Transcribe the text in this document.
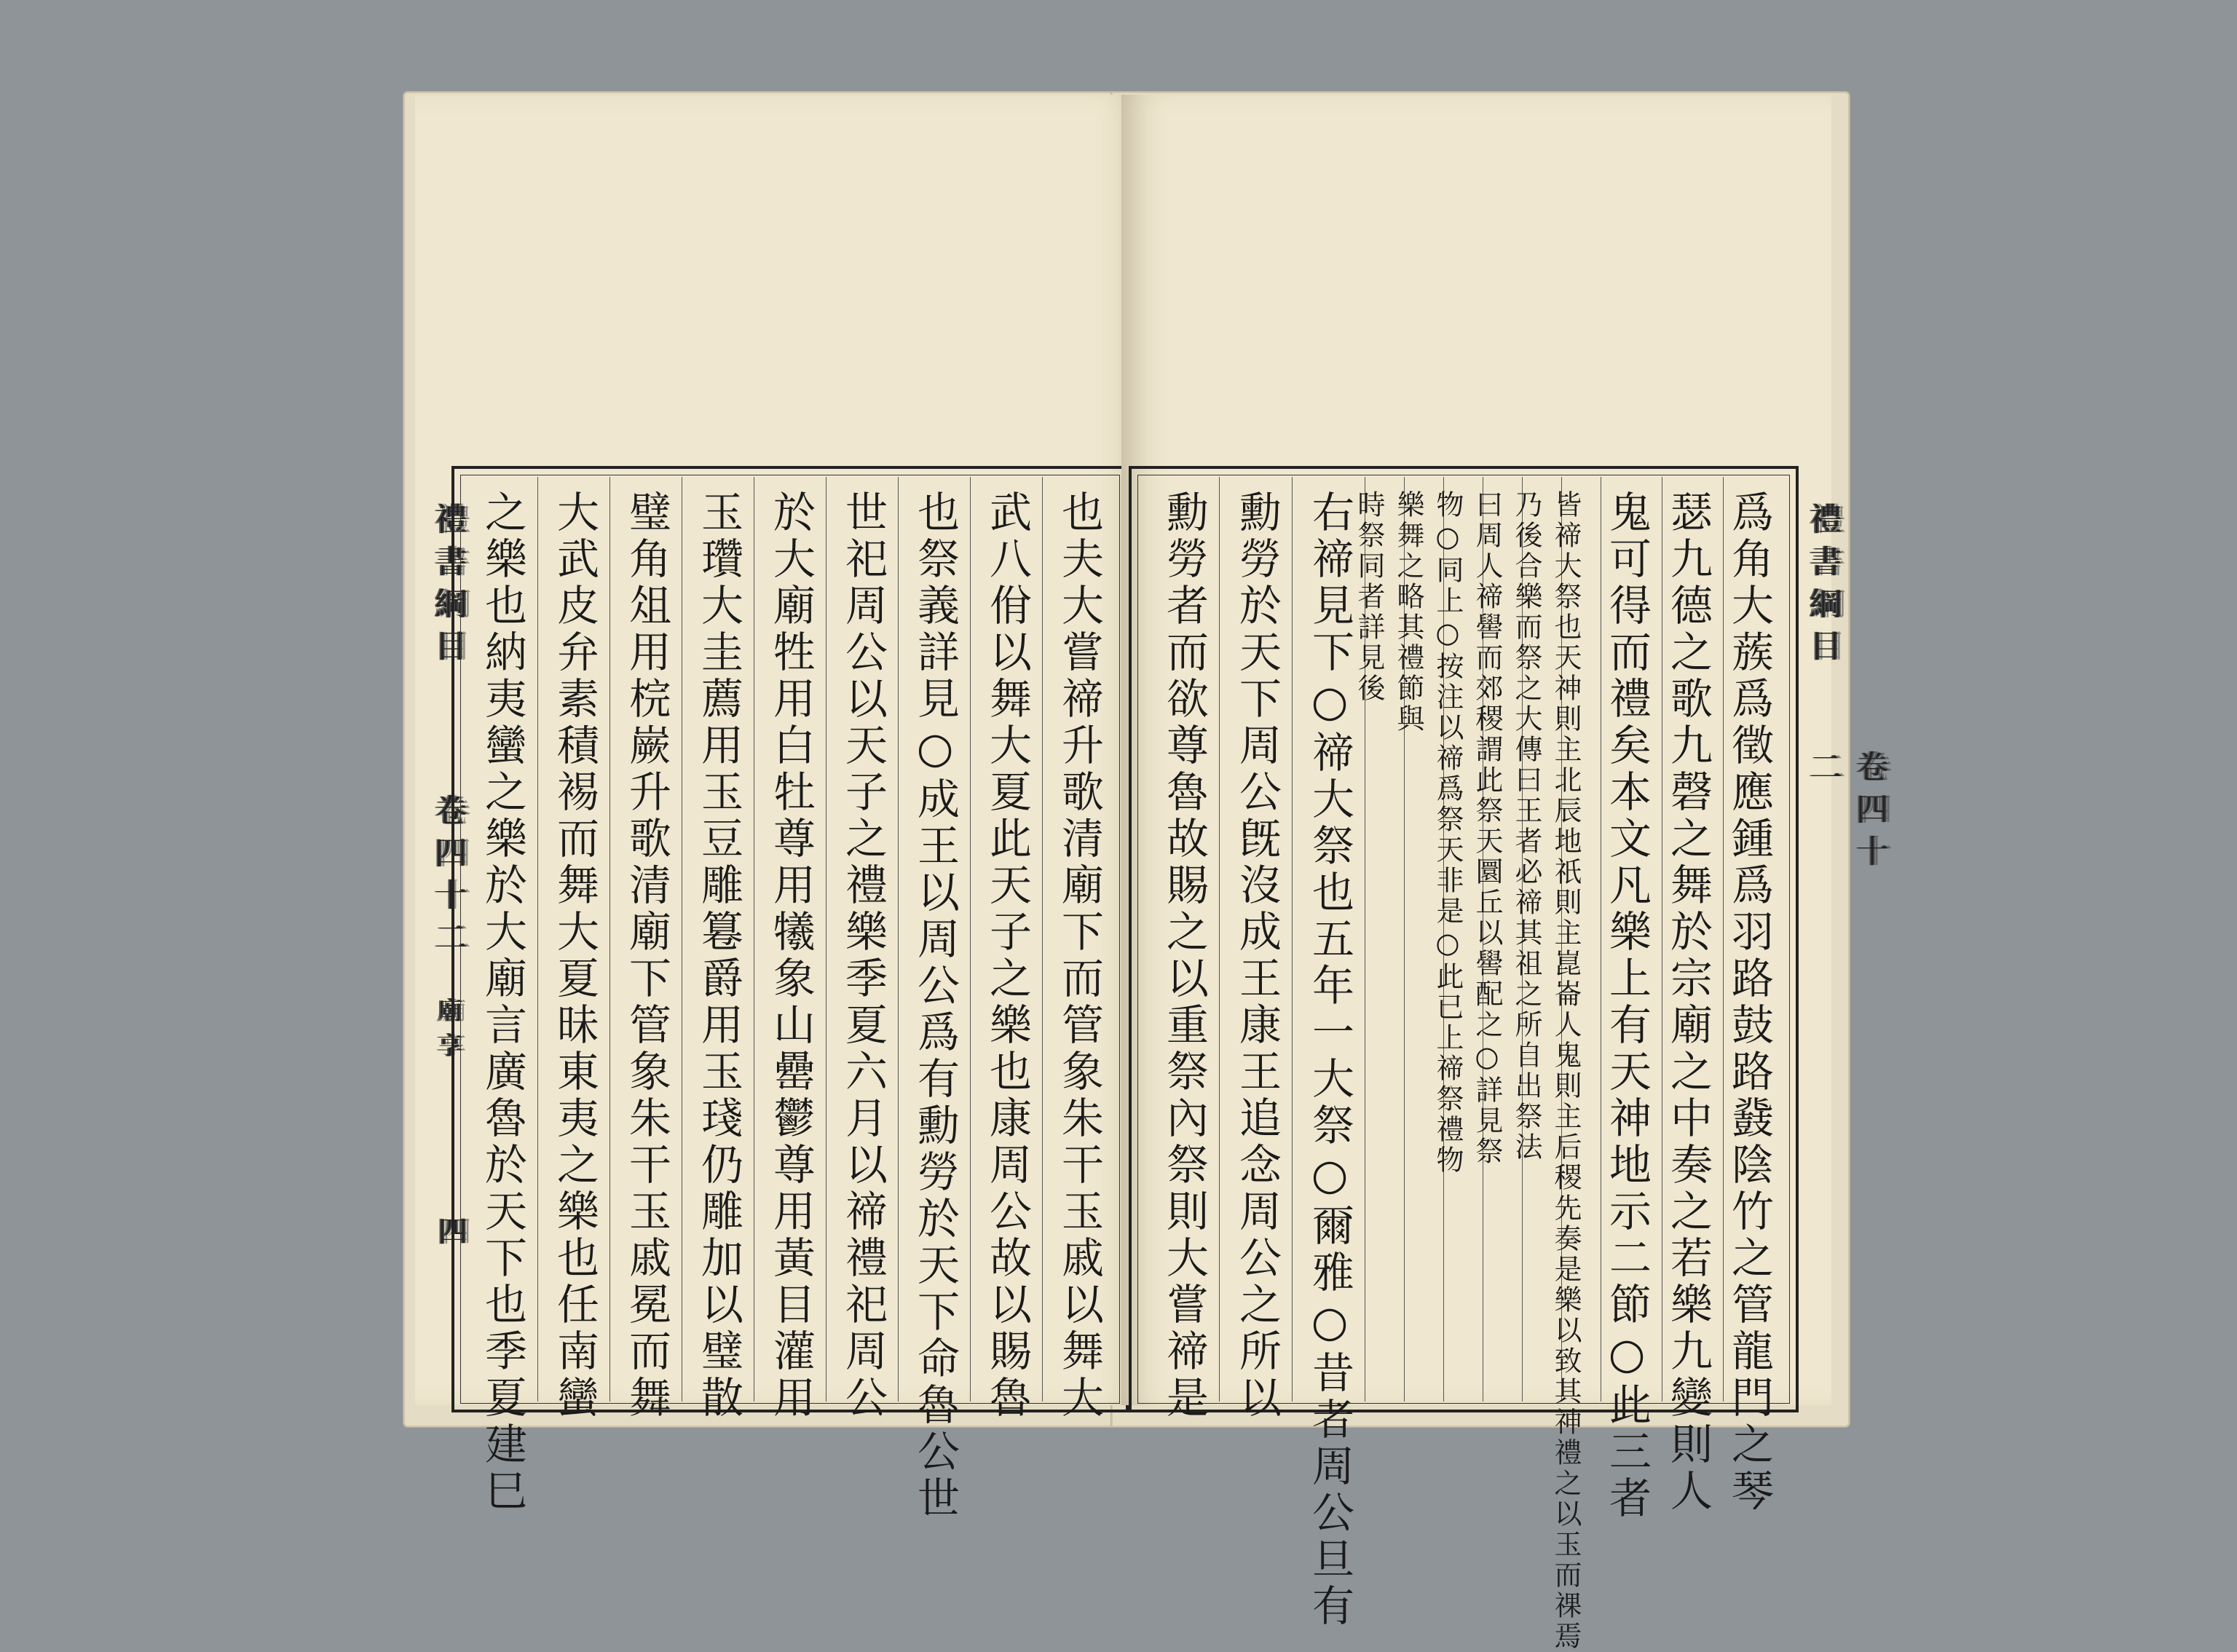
禮書綱目
卷四十二
廟享
四	也夫大嘗禘升歌清廟下而管象朱干玉戚以舞大
武八佾以舞大夏此天子之樂也康周公故以賜魯
也祭義詳見○成王以周公爲有勳勞於天下命魯公世
世祀周公以天子之禮樂季夏六月以禘禮祀周公
於大廟牲用白牡尊用犧象山罍鬱尊用黃目灌用
玉瓚大圭薦用玉豆雕篹爵用玉琖仍雕加以璧散
璧角俎用梡嶡升歌清廟下管象朱干玉戚冕而舞
大武皮弁素積裼而舞大夏昧東夷之樂也任南蠻
之樂也納夷蠻之樂於大廟言廣魯於天下也季夏建巳	爲角大蔟爲徵應鍾爲羽路鼓路鼗陰竹之管龍門之琴
瑟九德之歌九磬之舞於宗廟之中奏之若樂九變則人
鬼可得而禮矣本文凡樂上有天神地示二節○此三者
皆禘大祭也天神則主北辰地祇則主崑崙人鬼則主后稷先奏是樂以致其神禮之以玉而祼焉
乃後合樂而祭之大傳曰王者必禘其祖之所自出祭法
曰周人禘嚳而郊稷謂此祭天圜丘以嚳配之○詳見祭
物○同上○按注以禘爲祭天非是○此已上禘祭禮物
樂舞之略其禮節與
時祭同者詳見後
右禘見下○禘大祭也五年一大祭○爾雅○昔者周公旦有
勳勞於天下周公旣沒成王康王追念周公之所以
勳勞者而欲尊魯故賜之以重祭內祭則大嘗禘是	禮書綱目
卷四十二
